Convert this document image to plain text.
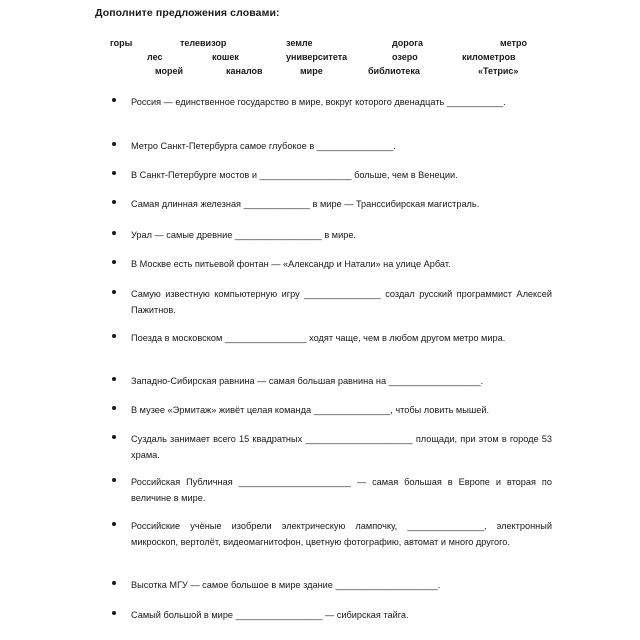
Дополните предложения словами:
горы	телевизор	земле	дорога	метро
лес	кошек	университета	озеро	километров
морей	каналов	мире	библиотека	«Тетрис»
Россия — единственное государство в мире, вокруг которого двенадцать ___________.
Метро Санкт-Петербурга самое глубокое в _______________.
В Санкт-Петербурге мостов и __________________ больше, чем в Венеции.
Самая длинная железная _____________ в мире — Транссибирская магистраль.
Урал — самые древние _________________ в мире.
В Москве есть питьевой фонтан — «Александр и Натали» на улице Арбат.
Самую известную компьютерную игру _______________ создал русский программист Алексей Пажитнов.
Поезда в московском ________________ ходят чаще, чем в любом другом метро мира.
Западно-Сибирская равнина — самая большая равнина на __________________.
В музее «Эрмитаж» живёт целая команда _______________, чтобы ловить мышей.
Суздаль занимает всего 15 квадратных _____________________ площади, при этом в городе 53 храма.
Российская Публичная ______________________ — самая большая в Европе и вторая по величине в мире.
Российские учёные изобрели электрическую лампочку, _______________, электронный микроскоп, вертолёт, видеомагнитофон, цветную фотографию, автомат и много другого.
Высотка МГУ — самое большое в мире здание ____________________.
Самый большой в мире _________________ — сибирская тайга.
